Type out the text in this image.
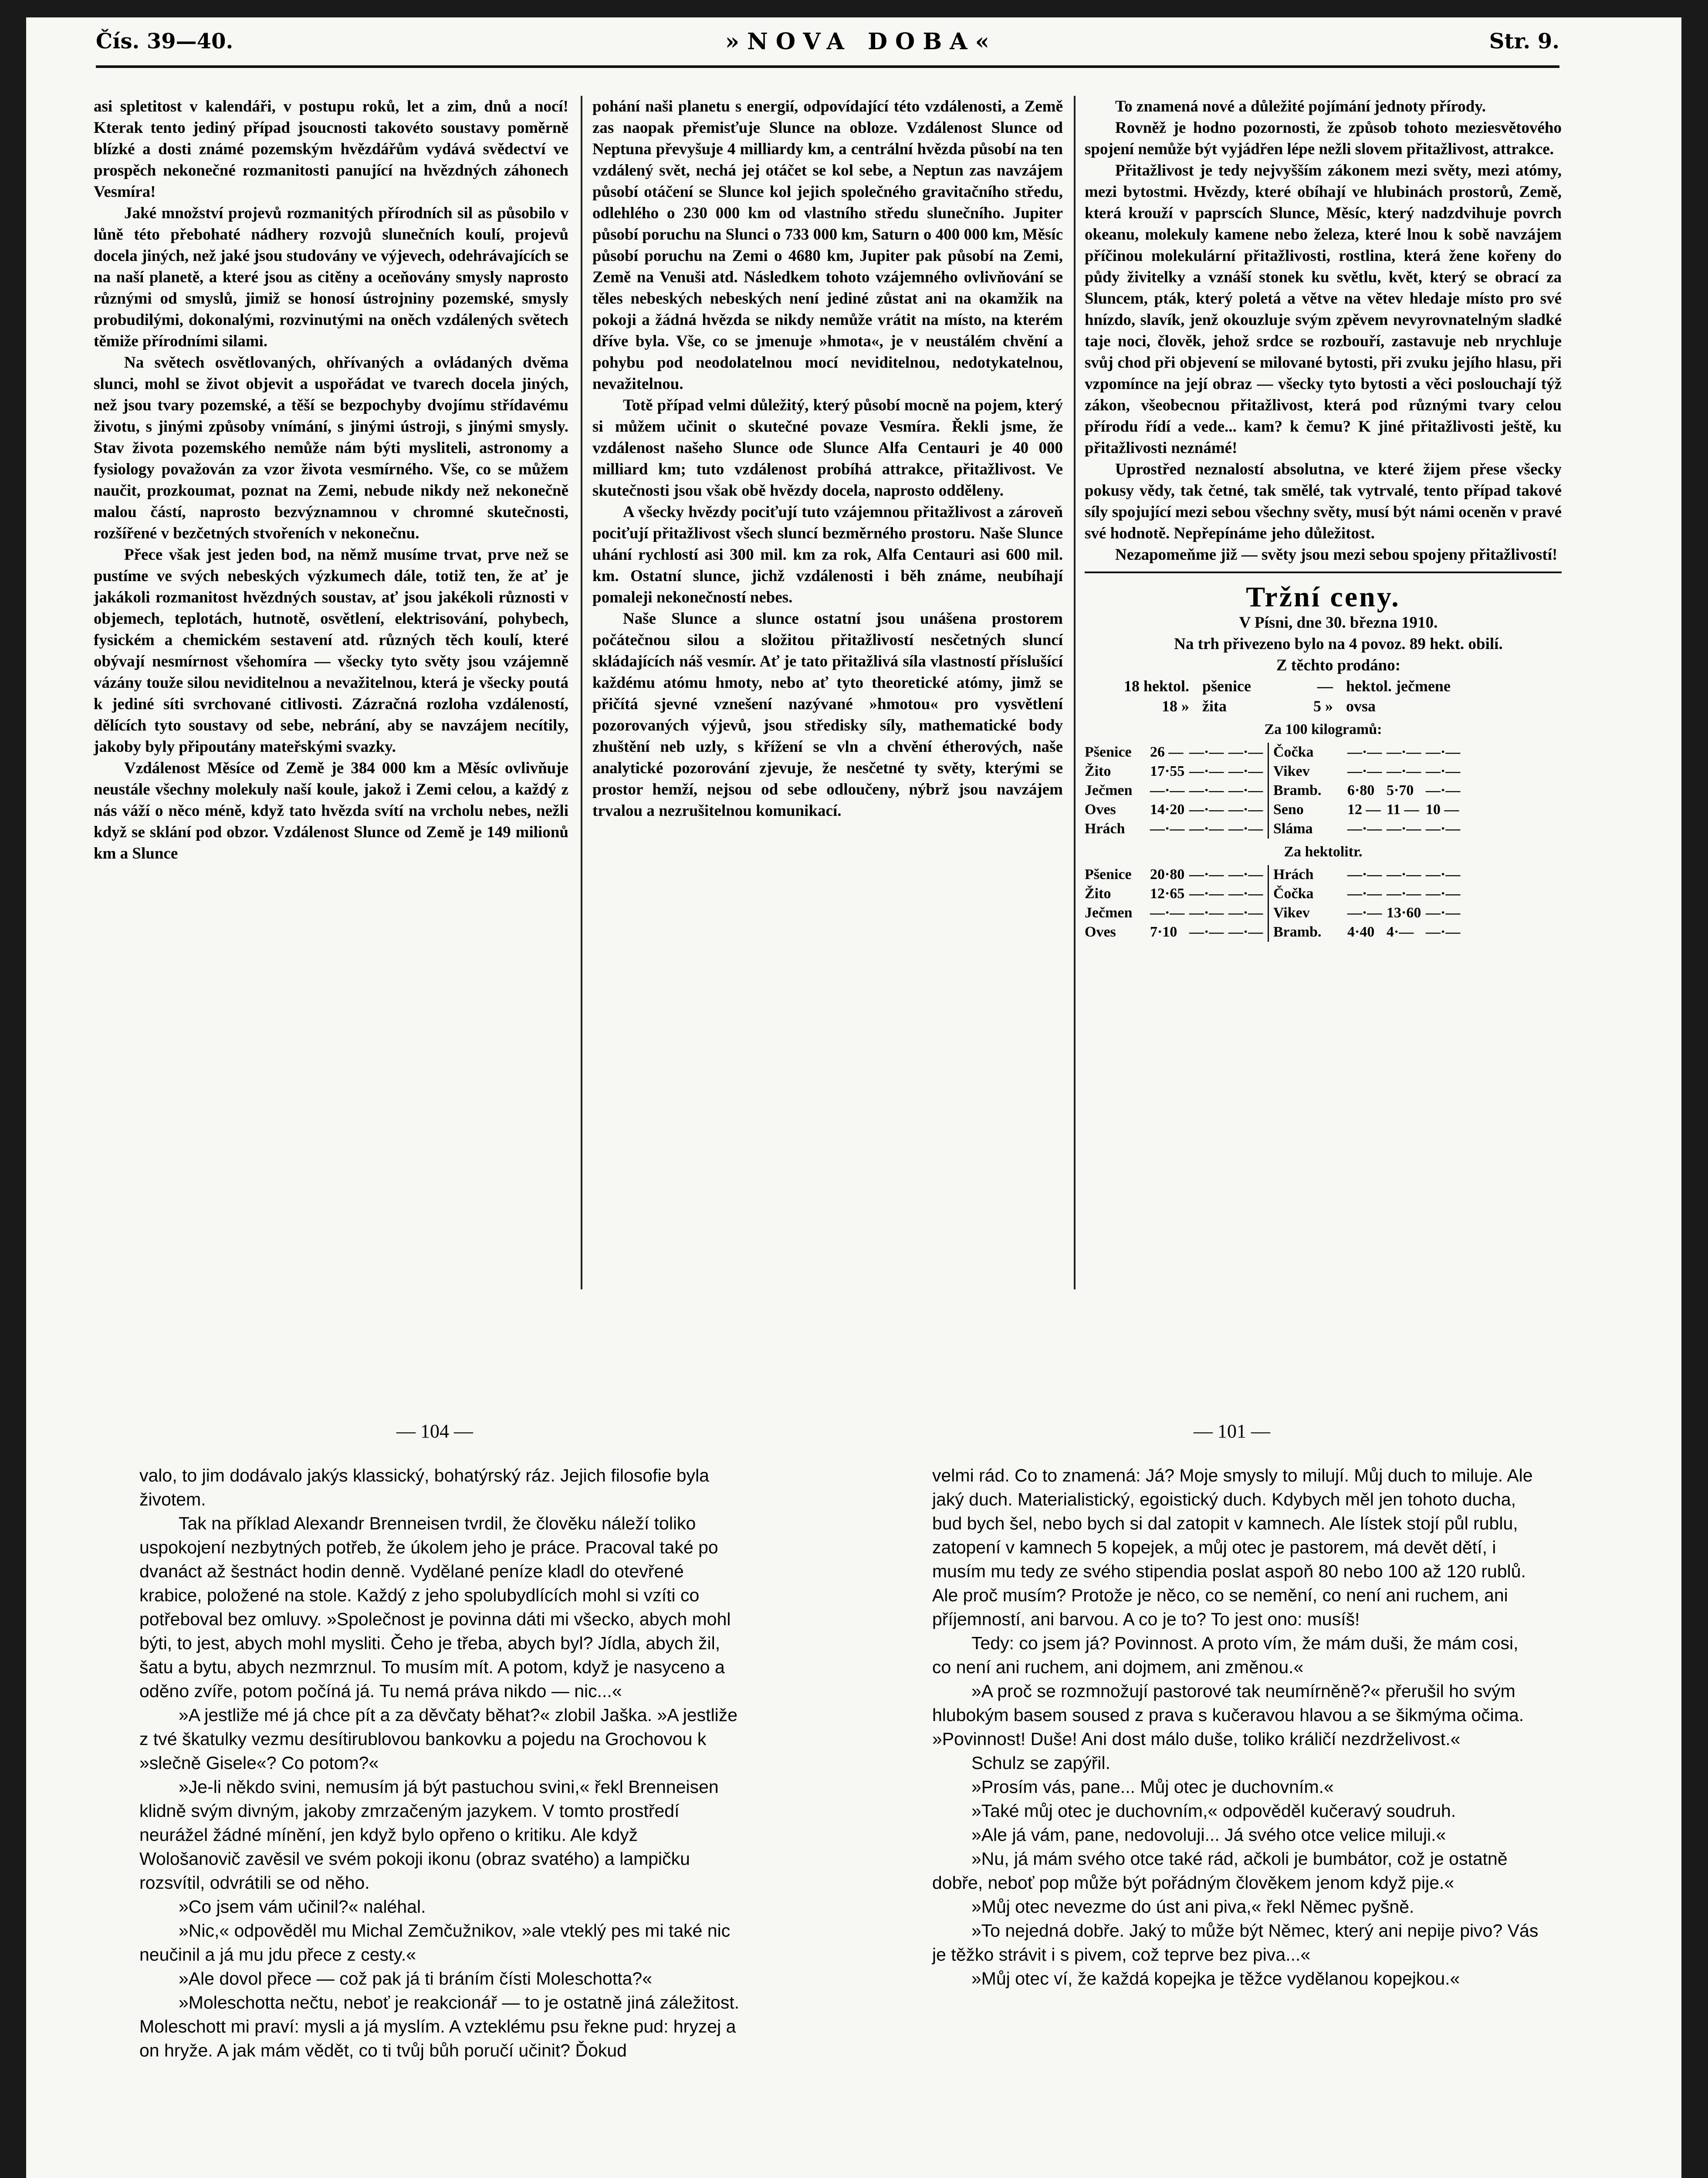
Čís. 39—40.	»NOVA DOBA«	Str. 9.

asi spletitost v kalendáři, v postupu roků, let a zim, dnů a nocí! Kterak tento jediný případ jsoucnosti takovéto soustavy poměrně blízké a dosti známé pozemským hvězdářům vydává svědectví ve prospěch nekonečné rozmanitosti panující na hvězdných záhonech Vesmíra!

Jaké množství projevů rozmanitých přírodních sil as působilo v lůně této přebohaté nádhery rozvojů slunečních koulí, projevů docela jiných, než jaké jsou studovány ve výjevech, odehrávajících se na naší planetě, a které jsou as citěny a oceňovány smysly naprosto různými od smyslů, jimiž se honosí ústrojniny pozemské, smysly probudilými, dokonalými, rozvinutými na oněch vzdálených světech těmiže přírodními silami.

Na světech osvětlovaných, ohřívaných a ovládaných dvěma slunci, mohl se život objevit a uspořádat ve tvarech docela jiných, než jsou tvary pozemské, a těší se bezpochyby dvojímu střídavému životu, s jinými způsoby vnímání, s jinými ústroji, s jinými smysly. Stav života pozemského nemůže nám býti mysliteli, astronomy a fysiology považován za vzor života vesmírného. Vše, co se můžem naučit, prozkoumat, poznat na Zemi, nebude nikdy než nekonečně malou částí, naprosto bezvýznamnou v chromné skutečnosti, rozšířené v bezčetných stvořeních v nekonečnu.

Přece však jest jeden bod, na němž musíme trvat, prve než se pustíme ve svých nebeských výzkumech dále, totiž ten, že ať je jakákoli rozmanitost hvězdných soustav, ať jsou jakékoli různosti v objemech, teplotách, hutnotě, osvětlení, elektrisování, pohybech, fysickém a chemickém sestavení atd. různých těch koulí, které obývají nesmírnost všehomíra — všecky tyto světy jsou vzájemně vázány touže silou neviditelnou a nevažitelnou, která je všecky poutá k jediné síti svrchované citlivosti. Zázračná rozloha vzdáleností, dělících tyto soustavy od sebe, nebrání, aby se navzájem necítily, jakoby byly připoutány mateřskými svazky.

Vzdálenost Měsíce od Země je 384 000 km a Měsíc ovlivňuje neustále všechny molekuly naší koule, jakož i Zemi celou, a každý z nás váží o něco méně, když tato hvězda svítí na vrcholu nebes, nežli když se sklání pod obzor. Vzdálenost Slunce od Země je 149 milionů km a Slunce

pohání naši planetu s energií, odpovídající této vzdálenosti, a Země zas naopak přemisťuje Slunce na obloze. Vzdálenost Slunce od Neptuna převyšuje 4 milliardy km, a centrální hvězda působí na ten vzdálený svět, nechá jej otáčet se kol sebe, a Neptun zas navzájem působí otáčení se Slunce kol jejich společného gravitačního středu, odlehlého o 230 000 km od vlastního středu slunečního. Jupiter působí poruchu na Slunci o 733 000 km, Saturn o 400 000 km, Měsíc působí poruchu na Zemi o 4680 km, Jupiter pak působí na Zemi, Země na Venuši atd. Následkem tohoto vzájemného ovlivňování se těles nebeských nebeských není jediné zůstat ani na okamžik na pokoji a žádná hvězda se nikdy nemůže vrátit na místo, na kterém dříve byla. Vše, co se jmenuje »hmota«, je v neustálém chvění a pohybu pod neodolatelnou mocí neviditelnou, nedotykatelnou, nevažitelnou.

Totě případ velmi důležitý, který působí mocně na pojem, který si můžem učinit o skutečné povaze Vesmíra. Řekli jsme, že vzdálenost našeho Slunce ode Slunce Alfa Centauri je 40 000 milliard km; tuto vzdálenost probíhá attrakce, přitažlivost. Ve skutečnosti jsou však obě hvězdy docela, naprosto odděleny.

A všecky hvězdy pociťují tuto vzájemnou přitažlivost a zároveň pociťují přitažlivost všech sluncí bezměrného prostoru. Naše Slunce uhání rychlostí asi 300 mil. km za rok, Alfa Centauri asi 600 mil. km. Ostatní slunce, jichž vzdálenosti i běh známe, neubíhají pomaleji nekonečností nebes.

Naše Slunce a slunce ostatní jsou unášena prostorem počátečnou silou a složitou přitažlivostí nesčetných sluncí skládajících náš vesmír. Ať je tato přitažlivá síla vlastností příslušící každému atómu hmoty, nebo ať tyto theoretické atómy, jimž se přičítá sjevné vznešení nazývané »hmotou« pro vysvětlení pozorovaných výjevů, jsou středisky síly, mathematické body zhuštění neb uzly, s křížení se vln a chvění étherových, naše analytické pozorování zjevuje, že nesčetné ty světy, kterými se prostor hemží, nejsou od sebe odloučeny, nýbrž jsou navzájem trvalou a nezrušitelnou komunikací.

To znamená nové a důležité pojímání jednoty přírody.

Rovněž je hodno pozornosti, že způsob tohoto meziesvětového spojení nemůže být vyjádřen lépe nežli slovem přitažlivost, attrakce.

Přitažlivost je tedy nejvyšším zákonem mezi světy, mezi atómy, mezi bytostmi. Hvězdy, které obíhají ve hlubinách prostorů, Země, která krouží v paprscích Slunce, Měsíc, který nadzdvihuje povrch okeanu, molekuly kamene nebo železa, které lnou k sobě navzájem příčinou molekulární přitažlivosti, rostlina, která žene kořeny do půdy živitelky a vznáší stonek ku světlu, květ, který se obrací za Sluncem, pták, který poletá a větve na větev hledaje místo pro své hnízdo, slavík, jenž okouzluje svým zpěvem nevyrovnatelným sladké taje noci, člověk, jehož srdce se rozbouří, zastavuje neb nrychluje svůj chod při objevení se milované bytosti, při zvuku jejího hlasu, při vzpomínce na její obraz — všecky tyto bytosti a věci poslouchají týž zákon, všeobecnou přitažlivost, která pod různými tvary celou přírodu řídí a vede... kam? k čemu? K jiné přitažlivosti ještě, ku přitažlivosti neznámé!

Uprostřed neznalostí absolutna, ve které žijem přese všecky pokusy vědy, tak četné, tak smělé, tak vytrvalé, tento případ takové síly spojující mezi sebou všechny světy, musí být námi oceněn v pravé své hodnotě. Nepřepínáme jeho důležitost.

Nezapomeňme již — světy jsou mezi sebou spojeny přitažlivostí!

Tržní ceny.

V Písni, dne 30. března 1910.

Na trh přivezeno bylo na 4 povoz. 89 hekt. obilí.

Z těchto prodáno:

18 hektol. pšenice	— hektol. ječmene
18 » žita	5 » ovsa
Za 100 kilogramů:
Pšenice	26 — —·— —·— Čočka	—·— —·— —·—
Žito	17·55 —·— —·— Vikev	—·— —·— —·—
Ječmen	—·— —·— —·— Bramb.	6·80 5·70 —·—
Oves	14·20 —·— —·— Seno	12 — 11 — 10 —
Hrách	—·— —·— —·— Sláma	—·— —·— —·—
Za hektolitr.
Pšenice	20·80 —·— —·— Hrách	—·— —·— —·—
Žito	12·65 —·— —·— Čočka	—·— —·— —·—
Ječmen	—·— —·— —·— Vikev	—·— 13·60 —·—
Oves	7·10 —·— —·— Bramb.	4·40 4·— —·—
— 104 —	— 101 —

valo, to jim dodávalo jakýs klassický, bohatýrský ráz. Jejich filosofie byla životem.

Tak na příklad Alexandr Brenneisen tvrdil, že člověku náleží toliko uspokojení nezbytných potřeb, že úkolem jeho je práce. Pracoval také po dvanáct až šestnáct hodin denně. Vydělané peníze kladl do otevřené krabice, položené na stole. Každý z jeho spolubydlících mohl si vzíti co potřeboval bez omluvy. »Společnost je povinna dáti mi všecko, abych mohl býti, to jest, abych mohl mysliti. Čeho je třeba, abych byl? Jídla, abych žil, šatu a bytu, abych nezmrznul. To musím mít. A potom, když je nasyceno a oděno zvíře, potom počíná já. Tu nemá práva nikdo — nic...«

»A jestliže mé já chce pít a za děvčaty běhat?« zlobil Jaška. »A jestliže z tvé škatulky vezmu desítirublovou bankovku a pojedu na Grochovou k »slečně Gisele«? Co potom?«

»Je-li někdo svini, nemusím já být pastuchou svini,« řekl Brenneisen klidně svým divným, jakoby zmrzačeným jazykem. V tomto prostředí neurážel žádné mínění, jen když bylo opřeno o kritiku. Ale když Wološanovič zavěsil ve svém pokoji ikonu (obraz svatého) a lampičku rozsvítil, odvrátili se od něho.

»Co jsem vám učinil?« naléhal.

»Nic,« odpověděl mu Michal Zemčužnikov, »ale vteklý pes mi také nic neučinil a já mu jdu přece z cesty.«

»Ale dovol přece — což pak já ti bráním čísti Moleschotta?«

»Moleschotta nečtu, neboť je reakcionář — to je ostatně jiná záležitost. Moleschott mi praví: mysli a já myslím. A vzteklému psu řekne pud: hryzej a on hryže. A jak mám vědět, co ti tvůj bůh poručí učinit? Ďokud

velmi rád. Co to znamená: Já? Moje smysly to milují. Můj duch to miluje. Ale jaký duch. Materialistický, egoistický duch. Kdybych měl jen tohoto ducha, bud bych šel, nebo bych si dal zatopit v kamnech. Ale lístek stojí půl rublu, zatopení v kamnech 5 kopejek, a můj otec je pastorem, má devět dětí, i musím mu tedy ze svého stipendia poslat aspoň 80 nebo 100 až 120 rublů. Ale proč musím? Protože je něco, co se nemění, co není ani ruchem, ani příjemností, ani barvou. A co je to? To jest ono: musíš!

Tedy: co jsem já? Povinnost. A proto vím, že mám duši, že mám cosi, co není ani ruchem, ani dojmem, ani změnou.«

»A proč se rozmnožují pastorové tak neumírněně?« přerušil ho svým hlubokým basem soused z prava s kučeravou hlavou a se šikmýma očima. »Povinnost! Duše! Ani dost málo duše, toliko králičí nezdrželivost.«

Schulz se zapýřil.

»Prosím vás, pane... Můj otec je duchovním.«

»Také můj otec je duchovním,« odpověděl kučeravý soudruh.

»Ale já vám, pane, nedovoluji... Já svého otce velice miluji.«

»Nu, já mám svého otce také rád, ačkoli je bumbátor, což je ostatně dobře, neboť pop může být pořádným člověkem jenom když pije.«

»Můj otec nevezme do úst ani piva,« řekl Němec pyšně.

»To nejedná dobře. Jaký to může být Němec, který ani nepije pivo? Vás je těžko strávit i s pivem, což teprve bez piva...«

»Můj otec ví, že každá kopejka je těžce vydělanou kopejkou.«
